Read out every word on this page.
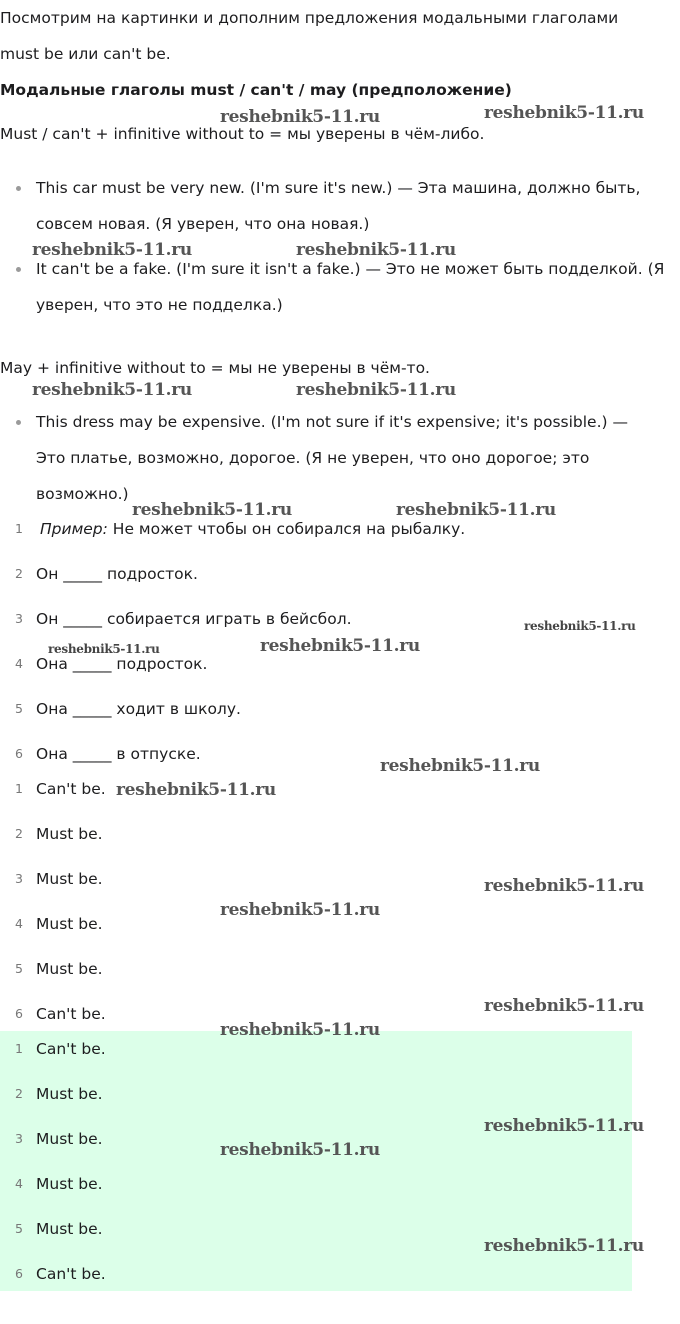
Посмотрим на картинки и дополним предложения модальными глаголами

must be или can't be.

Модальные глаголы must / can't / may (предположение)

Must / can't + infinitive without to = мы уверены в чём-либо.

This car must be very new. (I'm sure it's new.) — Эта машина, должно быть,
совсем новая. (Я уверен, что она новая.)
It can't be a fake. (I'm sure it isn't a fake.) — Это не может быть подделкой. (Я
уверен, что это не подделка.)

May + infinitive without to = мы не уверены в чём-то.

This dress may be expensive. (I'm not sure if it's expensive; it's possible.) —
Это платье, возможно, дорогое. (Я не уверен, что оно дорогое; это
возможно.)
1	Пример: Не может чтобы он собирался на рыбалку.
2 Он _____ подросток.
3 Он _____ собирается играть в бейсбол.
4 Она _____ подросток.
5 Она _____ ходит в школу.
6 Она _____ в отпуске.
1 Can't be.
2 Must be.
3 Must be.
4 Must be.
5 Must be.
6 Can't be.
1 Can't be.
2 Must be.
3 Must be.
4 Must be.
5 Must be.
6 Can't be.
reshebnik5-11.ru	reshebnik5-11.ru
reshebnik5-11.ru	reshebnik5-11.ru
reshebnik5-11.ru	reshebnik5-11.ru
reshebnik5-11.ru	reshebnik5-11.ru
reshebnik5-11.ru
reshebnik5-11.ru	reshebnik5-11.ru
reshebnik5-11.ru
reshebnik5-11.ru
reshebnik5-11.ru
reshebnik5-11.ru
reshebnik5-11.ru
reshebnik5-11.ru
reshebnik5-11.ru
reshebnik5-11.ru
reshebnik5-11.ru
